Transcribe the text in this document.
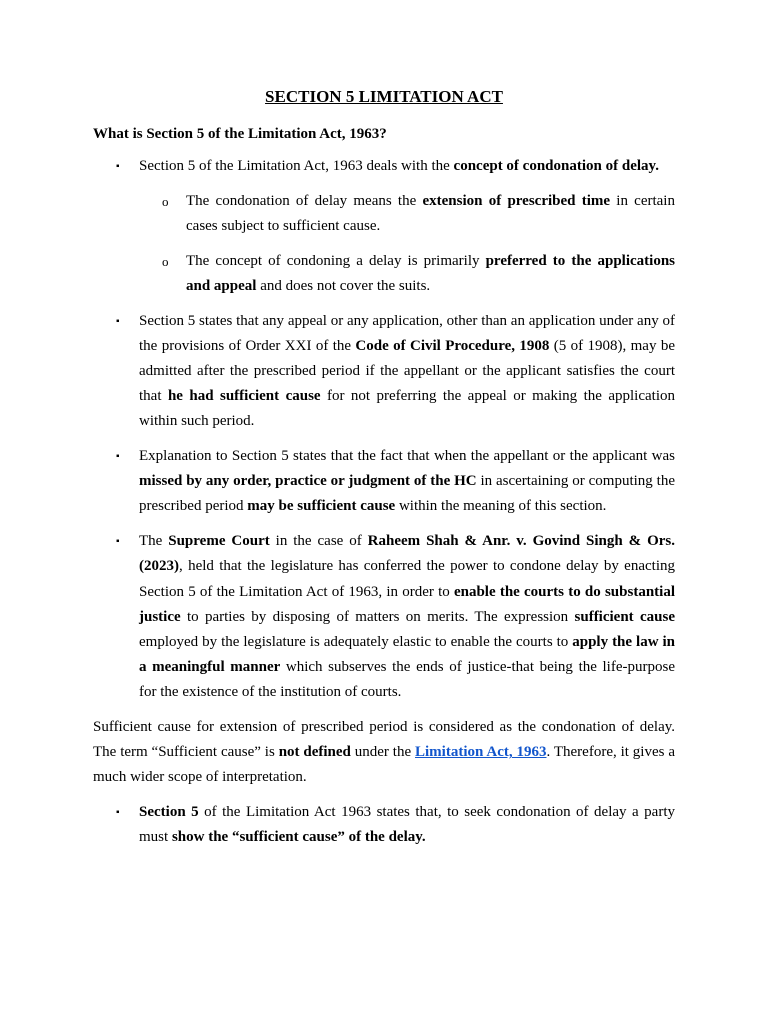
SECTION 5 LIMITATION ACT
What is Section 5 of the Limitation Act, 1963?
▪ Section 5 of the Limitation Act, 1963 deals with the concept of condonation of delay.
o The condonation of delay means the extension of prescribed time in certain cases subject to sufficient cause.
o The concept of condoning a delay is primarily preferred to the applications and appeal and does not cover the suits.
▪ Section 5 states that any appeal or any application, other than an application under any of the provisions of Order XXI of the Code of Civil Procedure, 1908 (5 of 1908), may be admitted after the prescribed period if the appellant or the applicant satisfies the court that he had sufficient cause for not preferring the appeal or making the application within such period.
▪ Explanation to Section 5 states that the fact that when the appellant or the applicant was missed by any order, practice or judgment of the HC in ascertaining or computing the prescribed period may be sufficient cause within the meaning of this section.
▪ The Supreme Court in the case of Raheem Shah & Anr. v. Govind Singh & Ors. (2023), held that the legislature has conferred the power to condone delay by enacting Section 5 of the Limitation Act of 1963, in order to enable the courts to do substantial justice to parties by disposing of matters on merits. The expression sufficient cause employed by the legislature is adequately elastic to enable the courts to apply the law in a meaningful manner which subserves the ends of justice-that being the life-purpose for the existence of the institution of courts.

Sufficient cause for extension of prescribed period is considered as the condonation of delay. The term “Sufficient cause” is not defined under the Limitation Act, 1963. Therefore, it gives a much wider scope of interpretation.

▪ Section 5 of the Limitation Act 1963 states that, to seek condonation of delay a party must show the “sufficient cause” of the delay.
